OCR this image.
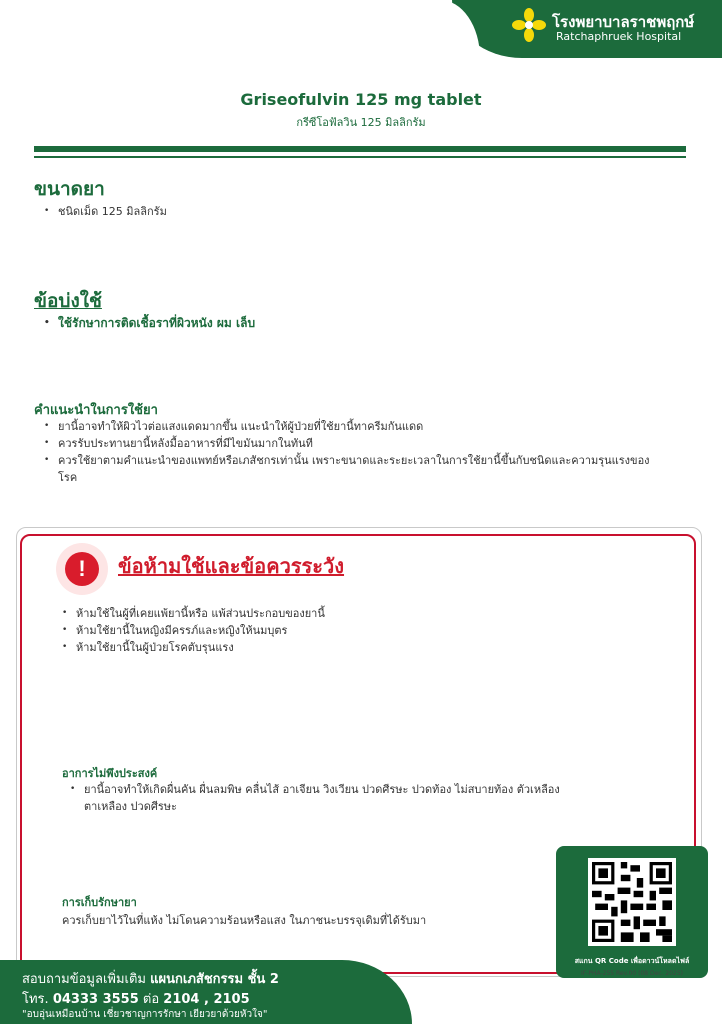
โรงพยาบาลราชพฤกษ์
Ratchaphruek Hospital
Griseofulvin 125 mg tablet
กรีซีโอฟัลวิน 125 มิลลิกรัม
ขนาดยา
• ชนิดเม็ด 125 มิลลิกรัม
ข้อบ่งใช้
• ใช้รักษาการติดเชื้อราที่ผิวหนัง ผม เล็บ
คำแนะนำในการใช้ยา
• ยานี้อาจทำให้ผิวไวต่อแสงแดดมากขึ้น แนะนำให้ผู้ป่วยที่ใช้ยานี้ทาครีมกันแดด
• ควรรับประทานยานี้หลังมื้ออาหารที่มีไขมันมากในทันที
• ควรใช้ยาตามคำแนะนำของแพทย์หรือเภสัชกรเท่านั้น เพราะขนาดและระยะเวลาในการใช้ยานี้ขึ้นกับชนิดและความรุนแรงของโรค
!	ข้อห้ามใช้และข้อควรระวัง
• ห้ามใช้ในผู้ที่เคยแพ้ยานี้หรือ แพ้ส่วนประกอบของยานี้
• ห้ามใช้ยานี้ในหญิงมีครรภ์และหญิงให้นมบุตร
• ห้ามใช้ยานี้ในผู้ป่วยโรคตับรุนแรง
อาการไม่พึงประสงค์
• ยานี้อาจทำให้เกิดผื่นคัน ผื่นลมพิษ คลื่นไส้ อาเจียน วิงเวียน ปวดศีรษะ ปวดท้อง ไม่สบายท้อง ตัวเหลือง ตาเหลือง ปวดศีรษะ
การเก็บรักษายา
ควรเก็บยาไว้ในที่แห้ง ไม่โดนความร้อนหรือแสง ในภาชนะบรรจุเดิมที่ได้รับมา
สแกน QR Code เพื่อดาวน์โหลดไฟล์
IF-PHA-255 Rev.00 (08 Dec. 2025)
สอบถามข้อมูลเพิ่มเติม แผนกเภสัชกรรม ชั้น 2
โทร. 04333 3555 ต่อ 2104 , 2105
"อบอุ่นเหมือนบ้าน เชี่ยวชาญการรักษา เยียวยาด้วยหัวใจ"
LINE
ID : @RPHLine
WEBSITE
WWW.rph.co.th
FACEBOOK
RatchaphruekHospital
